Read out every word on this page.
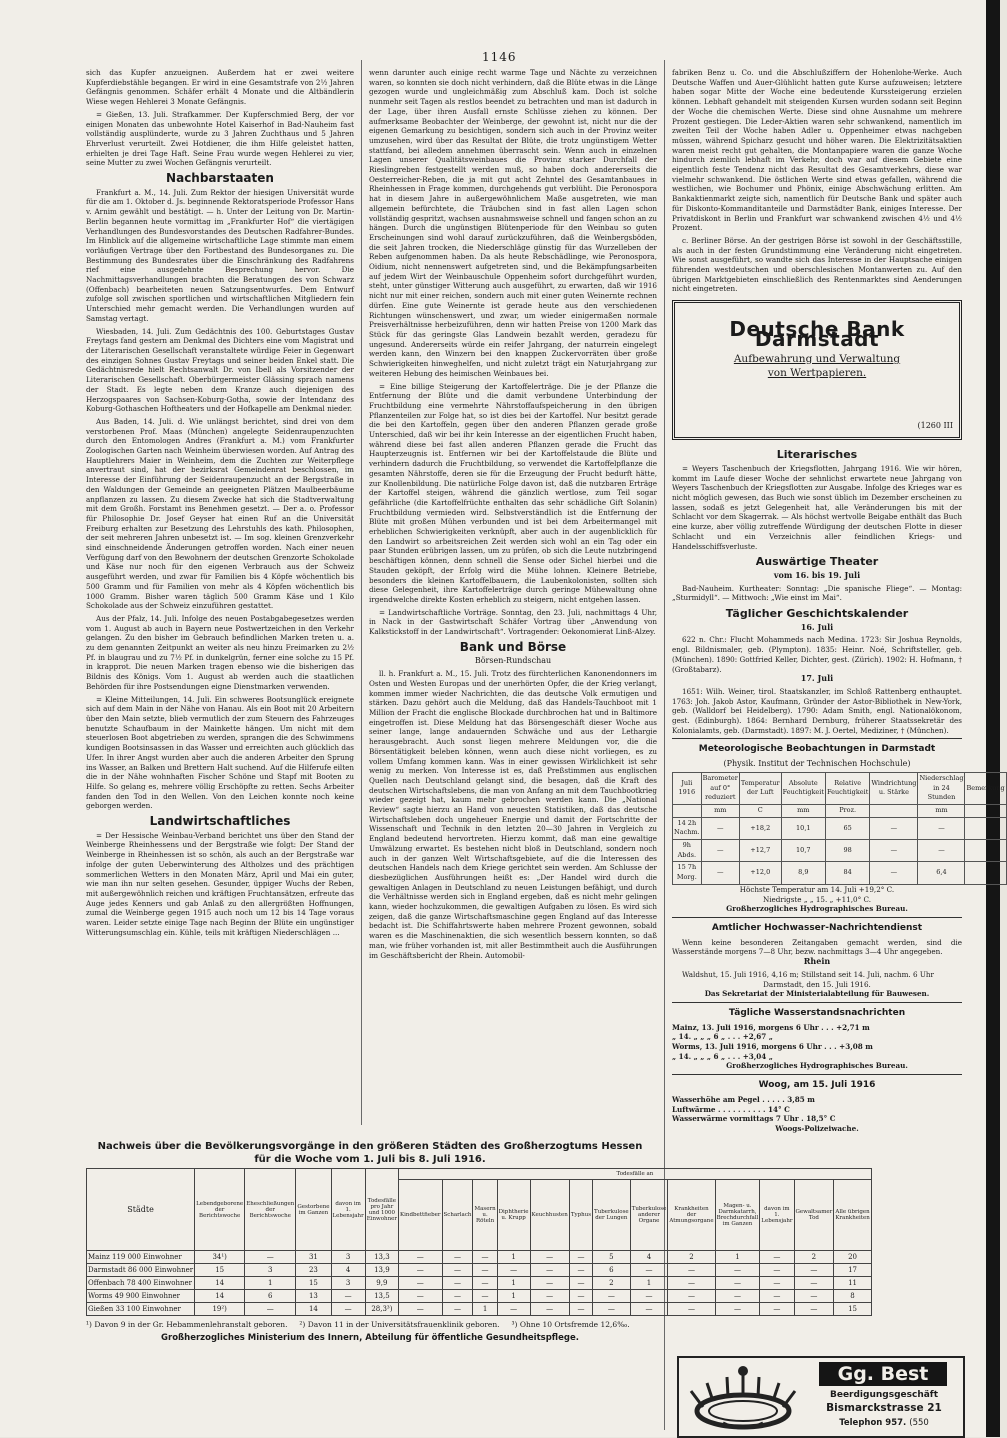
1146

sich das Kupfer anzueignen. Außerdem hat er zwei weitere Kupferdiebstähle begangen. Er wird in eine Gesamtstrafe von 2½ Jahren Gefängnis genommen. Schäfer erhält 4 Monate und die Altbändlerin Wiese wegen Hehlerei 3 Monate Gefängnis.

= Gießen, 13. Juli. Strafkammer. Der Kupferschmied Berg, der vor einigen Monaten das unbewohnte Hotel Kaiserhof in Bad-Nauheim fast vollständig ausplünderte, wurde zu 3 Jahren Zuchthaus und 5 Jahren Ehrverlust verurteilt. Zwei Hotdiener, die ihm Hilfe geleistet hatten, erhielten je drei Tage Haft. Seine Frau wurde wegen Hehlerei zu vier, seine Mutter zu zwei Wochen Gefängnis verurteilt.

Nachbarstaaten

Frankfurt a. M., 14. Juli. Zum Rektor der hiesigen Universität wurde für die am 1. Oktober d. Js. beginnende Rektoratsperiode Professor Hans v. Arnim gewählt und bestätigt. — h. Unter der Leitung von Dr. Martin-Berlin begannen heute vormittag im „Frankfurter Hof“ die viertägigen Verhandlungen des Bundesvorstandes des Deutschen Radfahrer-Bundes. Im Hinblick auf die allgemeine wirtschaftliche Lage stimmte man einem vorläufigen Vertrage über den Fortbestand des Bundesorganes zu. Die Bestimmung des Bundesrates über die Einschränkung des Radfahrens rief eine ausgedehnte Besprechung hervor. Die Nachmittagsverhandlungen brachten die Beratungen des von Schwarz (Offenbach) bearbeiteten neuen Satzungsentwurfes. Dem Entwurf zufolge soll zwischen sportlichen und wirtschaftlichen Mitgliedern fein Unterschied mehr gemacht werden. Die Verhandlungen wurden auf Samstag vertagt.

Wiesbaden, 14. Juli. Zum Gedächtnis des 100. Geburtstages Gustav Freytags fand gestern am Denkmal des Dichters eine vom Magistrat und der Literarischen Gesellschaft veranstaltete würdige Feier in Gegenwart des einzigen Sohnes Gustav Freytags und seiner beiden Enkel statt. Die Gedächtnisrede hielt Rechtsanwalt Dr. von Ibell als Vorsitzender der Literarischen Gesellschaft. Oberbürgermeister Glässing sprach namens der Stadt. Es legte neben dem Kranze auch diejenigen des Herzogspaares von Sachsen-Koburg-Gotha, sowie der Intendanz des Koburg-Gothaschen Hoftheaters und der Hofkapelle am Denkmal nieder.

Aus Baden, 14. Juli. d. Wie unlängst berichtet, sind drei von dem verstorbenen Prof. Maas (München) angelegte Seidenraupenzuchten durch den Entomologen Andres (Frankfurt a. M.) vom Frankfurter Zoologischen Garten nach Weinheim überwiesen worden. Auf Antrag des Hauptlehrers Maier in Weinheim, dem die Zuchten zur Weiterpflege anvertraut sind, hat der bezirksrat Gemeindenrat beschlossen, im Interesse der Einführung der Seidenraupenzucht an der Bergstraße in den Waldungen der Gemeinde an geeigneten Plätzen Maulbeerbäume anpflanzen zu lassen. Zu diesem Zwecke hat sich die Stadtverwaltung mit dem Großh. Forstamt ins Benehmen gesetzt. — Der a. o. Professor für Philosophie Dr. Josef Geyser hat einen Ruf an die Universität Freiburg erhalten zur Besetzung des Lehrstuhls des kath. Philosophen, der seit mehreren Jahren unbesetzt ist. — Im sog. kleinen Grenzverkehr sind einschneidende Änderungen getroffen worden. Nach einer neuen Verfügung darf von den Bewohnern der deutschen Grenzorte Schokolade und Käse nur noch für den eigenen Verbrauch aus der Schweiz ausgeführt werden, und zwar für Familien bis 4 Köpfe wöchentlich bis 500 Gramm und für Familien von mehr als 4 Köpfen wöchentlich bis 1000 Gramm. Bisher waren täglich 500 Gramm Käse und 1 Kilo Schokolade aus der Schweiz einzuführen gestattet.

Aus der Pfalz, 14. Juli. Infolge des neuen Postabgabegesetzes werden vom 1. August ab auch in Bayern neue Postwertzeichen in den Verkehr gelangen. Zu den bisher im Gebrauch befindlichen Marken treten u. a. zu dem genannten Zeitpunkt an weiter als neu hinzu Freimarken zu 2½ Pf. in blaugrau und zu 7½ Pf. in dunkelgrün, ferner eine solche zu 15 Pf. in krapprot. Die neuen Marken tragen ebenso wie die bisherigen das Bildnis des Königs. Vom 1. August ab werden auch die staatlichen Behörden für ihre Postsendungen eigne Dienstmarken verwenden.

= Kleine Mitteilungen, 14. Juli. Ein schweres Bootsunglück ereignete sich auf dem Main in der Nähe von Hanau. Als ein Boot mit 20 Arbeitern über den Main setzte, blieb vermutlich der zum Steuern des Fahrzeuges benutzte Schaufbaum in der Mainkette hängen. Um nicht mit dem steuerlosen Boot abgetrieben zu werden, sprangen die des Schwimmens kundigen Bootsinsassen in das Wasser und erreichten auch glücklich das Ufer. In ihrer Angst wurden aber auch die anderen Arbeiter den Sprung ins Wasser, an Balken und Brettern Halt suchend. Auf die Hilferufe eilten die in der Nähe wohnhaften Fischer Schöne und Stapf mit Booten zu Hilfe. So gelang es, mehrere völlig Erschöpfte zu retten. Sechs Arbeiter fanden den Tod in den Wellen. Von den Leichen konnte noch keine geborgen werden.

Landwirtschaftliches

= Der Hessische Weinbau-Verband berichtet uns über den Stand der Weinberge Rheinhessens und der Bergstraße wie folgt: Der Stand der Weinberge in Rheinhessen ist so schön, als auch an der Bergstraße war infolge der guten Ueberwinterung des Altholzes und des prächtigen sommerlichen Wetters in den Monaten März, April und Mai ein guter, wie man ihn nur selten gesehen. Gesunder, üppiger Wuchs der Reben, mit außergewöhnlich reichen und kräftigen Fruchtansätzen, erfreute das Auge jedes Kenners und gab Anlaß zu den allergrößten Hoffnungen, zumal die Weinberge gegen 1915 auch noch um 12 bis 14 Tage voraus waren. Leider setzte einige Tage nach Beginn der Blüte ein ungünstiger Witterungsumschlag ein. Kühle, teils mit kräftigen Niederschlägen ...

wenn darunter auch einige recht warme Tage und Nächte zu verzeichnen waren, so konnten sie doch nicht verhindern, daß die Blüte etwas in die Länge gezogen wurde und ungleichmäßig zum Abschluß kam. Doch ist solche nunmehr seit Tagen als restlos beendet zu betrachten und man ist dadurch in der Lage, über ihren Ausfall ernste Schlüsse ziehen zu können. Der aufmerksame Beobachter der Weinberge, der gewohnt ist, nicht nur die der eigenen Gemarkung zu besichtigen, sondern sich auch in der Provinz weiter umzusehen, wird über das Resultat der Blüte, die trotz ungünstigem Wetter stattfand, bei alledem annehmen überrascht sein. Wenn auch in einzelnen Lagen unserer Qualitätsweinbaues die Provinz starker Durchfall der Rieslingreben festgestellt werden muß, so haben doch andererseits die Oesterreicher-Reben, die ja mit gut acht Zehntel des Gesamtanbaues in Rheinhessen in Frage kommen, durchgehends gut verblüht. Die Peronospora hat in diesem Jahre in außergewöhnlichem Maße ausgetreten, wie man allgemein befürchtete, die Träubchen sind in fast allen Lagen schon vollständig gespritzt, wachsen ausnahmsweise schnell und fangen schon an zu hängen. Durch die ungünstigen Blütenperiode für den Weinbau so guten Erscheinungen sind wohl darauf zurückzuführen, daß die Weinbergsböden, die seit Jahren trocken, die Niederschläge günstig für das Wurzelleben der Reben aufgenommen haben. Da als heute Rebschädlinge, wie Peronospora, Oidium, nicht nennenswert aufgetreten sind, und die Bekämpfungsarbeiten auf jedem Wirt der Weinbauschule Oppenheim sofort durchgeführt wurden, steht, unter günstiger Witterung auch ausgeführt, zu erwarten, daß wir 1916 nicht nur mit einer reichen, sondern auch mit einer guten Weinernte rechnen dürfen. Eine gute Weinernte ist gerade heute aus den verschiedenen Richtungen wünschenswert, und zwar, um wieder einigermaßen normale Preisverhältnisse herbeizuführen, denn wir hatten Preise von 1200 Mark das Stück für das geringste Glas Landwein bezahlt werden, geradezu für ungesund. Andererseits würde ein reifer Jahrgang, der naturrein eingelegt werden kann, den Winzern bei den knappen Zuckervorräten über große Schwierigkeiten hinweghelfen, und nicht zuletzt trägt ein Naturjahrgang zur weiteren Hebung des heimischen Weinbaues bei.

= Eine billige Steigerung der Kartoffelerträge. Die je der Pflanze die Entfernung der Blüte und die damit verbundene Unterbindung der Fruchtbildung eine vermehrte Nährstoffaufspeicherung in den übrigen Pflanzenteilen zur Folge hat, so ist dies bei der Kartoffel. Nur besitzt gerade die bei den Kartoffeln, gegen über den anderen Pflanzen gerade große Unterschied, daß wir bei ihr kein Interesse an der eigentlichen Frucht haben, während diese bei fast allen anderen Pflanzen gerade die Frucht das Haupterzeugnis ist. Entfernen wir bei der Kartoffelstaude die Blüte und verhindern dadurch die Fruchtbildung, so verwendet die Kartoffelpflanze die gesamten Nährstoffe, deren sie für die Erzeugung der Frucht bedurft hätte, zur Knollenbildung. Die natürliche Folge davon ist, daß die nutzbaren Erträge der Kartoffel steigen, während die gänzlich wertlose, zum Teil sogar gefährliche (die Kartoffelfrüchte enthalten das sehr schädliche Gift Solanin) Fruchtbildung vermieden wird. Selbstverständlich ist die Entfernung der Blüte mit großen Mühen verbunden und ist bei dem Arbeitermangel mit erheblichen Schwierigkeiten verknüpft, aber auch in der augenblicklich für den Landwirt so arbeitsreichen Zeit werden sich wohl an ein Tag oder ein paar Stunden erübrigen lassen, um zu prüfen, ob sich die Leute nutzbringend beschäftigen können, denn schnell die Sense oder Sichel hierbei und die Stauden geköpft, der Erfolg wird die Mühe lohnen. Kleinere Betriebe, besonders die kleinen Kartoffelbauern, die Laubenkolonisten, sollten sich diese Gelegenheit, ihre Kartoffelerträge durch geringe Mühewaltung ohne irgendwelche direkte Kosten erheblich zu steigern, nicht entgehen lassen.

= Landwirtschaftliche Vorträge. Sonntag, den 23. Juli, nachmittags 4 Uhr, in Nack in der Gastwirtschaft Schäfer Vortrag über „Anwendung von Kalkstickstoff in der Landwirtschaft“. Vortragender: Oekonomierat Linß-Alzey.

Bank und Börse
Börsen-Rundschau

ll. h. Frankfurt a. M., 15. Juli. Trotz des fürchterlichen Kanonendonners im Osten und Westen Europas und der unerhörten Opfer, die der Krieg verlangt, kommen immer wieder Nachrichten, die das deutsche Volk ermutigen und stärken. Dazu gehört auch die Meldung, daß das Handels-Tauchboot mit 1 Million der Fracht die englische Blockade durchbrochen hat und in Baltimore eingetroffen ist. Diese Meldung hat das Börsengeschäft dieser Woche aus seiner lange, lange andauernden Schwäche und aus der Lethargie herausgebracht. Auch sonst liegen mehrere Meldungen vor, die die Börsentätigkeit beleben können, wenn auch diese nicht vorliegen, es zu vollem Umfang kommen kann. Was in einer gewissen Wirklichkeit ist sehr wenig zu merken. Von Interesse ist es, daß Preßstimmen aus englischen Quellen nach Deutschland gelangt sind, die besagen, daß die Kraft des deutschen Wirtschaftslebens, die man von Anfang an mit dem Tauchbootkrieg wieder gezeigt hat, kaum mehr gebrochen werden kann. Die „National Review“ sagte hierzu an Hand von neuesten Statistiken, daß das deutsche Wirtschaftsleben doch ungeheuer Energie und damit der Fortschritte der Wissenschaft und Technik in den letzten 20—30 Jahren in Vergleich zu England bedeutend hervortreten. Hierzu kommt, daß man eine gewaltige Umwälzung erwartet. Es bestehen nicht bloß in Deutschland, sondern noch auch in der ganzen Welt Wirtschaftsgebiete, auf die die Interessen des deutschen Handels nach dem Kriege gerichtet sein werden. Am Schlusse der diesbezüglichen Ausführungen heißt es: „Der Handel wird durch die gewaltigen Anlagen in Deutschland zu neuen Leistungen befähigt, und durch die Verhältnisse werden sich in England ergeben, daß es nicht mehr gelingen kann, wieder hochzukommen, die gewaltigen Aufgaben zu lösen. Es wird sich zeigen, daß die ganze Wirtschaftsmaschine gegen England auf das Interesse bedacht ist. Die Schiffahrtswerte haben mehrere Prozent gewonnen, sobald waren es die Maschinenaktien, die sich wesentlich bessern konnten, so daß man, wie früher vorhanden ist, mit aller Bestimmtheit auch die Ausführungen im Geschäftsbericht der Rhein. Automobil-

fabriken Benz u. Co. und die Abschlußziffern der Hohenlohe-Werke. Auch Deutsche Waffen und Auer-Glühlicht hatten gute Kurse aufzuweisen; letztere haben sogar Mitte der Woche eine bedeutende Kurssteigerung erzielen können. Lebhaft gehandelt mit steigenden Kursen wurden sodann seit Beginn der Woche die chemischen Werte. Diese sind ohne Ausnahme um mehrere Prozent gestiegen. Die Leder-Aktien waren sehr schwankend, namentlich im zweiten Teil der Woche haben Adler u. Oppenheimer etwas nachgeben müssen, während Spicharz gesucht und höher waren. Die Elektrizitätsaktien waren meist recht gut gehalten, die Montanpapiere waren die ganze Woche hindurch ziemlich lebhaft im Verkehr, doch war auf diesem Gebiete eine eigentlich feste Tendenz nicht das Resultat des Gesamtverkehrs, diese war vielmehr schwankend. Die östlichen Werte sind etwas gefallen, während die westlichen, wie Bochumer und Phönix, einige Abschwächung erlitten. Am Bankaktienmarkt zeigte sich, namentlich für Deutsche Bank und später auch für Diskonto-Kommanditanteile und Darmstädter Bank, einiges Interesse. Der Privatdiskont in Berlin und Frankfurt war schwankend zwischen 4½ und 4½ Prozent.

c. Berliner Börse. An der gestrigen Börse ist sowohl in der Geschäftsstille, als auch in der festen Grundstimmung eine Veränderung nicht eingetreten. Wie sonst ausgeführt, so wandte sich das Interesse in der Hauptsache einigen führenden westdeutschen und oberschlesischen Montanwerten zu. Auf den übrigen Marktgebieten einschließlich des Rentenmarktes sind Aenderungen nicht eingetreten.

Deutsche Bank Darmstadt
Aufbewahrung und Verwaltung
von Wertpapieren.
(1260 III
Literarisches

= Weyers Taschenbuch der Kriegsflotten, Jahrgang 1916. Wie wir hören, kommt im Laufe dieser Woche der sehnlichst erwartete neue Jahrgang von Weyers Taschenbuch der Kriegsflotten zur Ausgabe. Infolge des Krieges war es nicht möglich gewesen, das Buch wie sonst üblich im Dezember erscheinen zu lassen, sodaß es jetzt Gelegenheit hat, alle Veränderungen bis mit der Schlacht vor dem Skagerrak. — Als höchst wertvolle Beigabe enthält das Buch eine kurze, aber völlig zutreffende Würdigung der deutschen Flotte in dieser Schlacht und ein Verzeichnis aller feindlichen Kriegs- und Handelsschiffsverluste.

Auswärtige Theater
vom 16. bis 19. Juli

Bad-Nauheim. Kurtheater: Sonntag: „Die spanische Fliege“. — Montag: „Sturmidyll“. — Mittwoch: „Wie einst im Mai“.

Täglicher Geschichtskalender
16. Juli

622 n. Chr.: Flucht Mohammeds nach Medina. 1723: Sir Joshua Reynolds, engl. Bildnismaler, geb. (Plympton). 1835: Heinr. Noé, Schriftsteller, geb. (München). 1890: Gottfried Keller, Dichter, gest. (Zürich). 1902: H. Hofmann, † (Großtabarz).

17. Juli

1651: Wilh. Weiner, tirol. Staatskanzler, im Schloß Rattenberg enthauptet. 1763: Joh. Jakob Astor, Kaufmann, Gründer der Astor-Bibliothek in New-York, geb. (Walldorf bei Heidelberg). 1790: Adam Smith, engl. Nationalökonom, gest. (Edinburgh). 1864: Bernhard Dernburg, früherer Staatssekretär des Kolonialamts, geb. (Darmstadt). 1897: M. J. Oertel, Mediziner, † (München).

Meteorologische Beobachtungen in Darmstadt
(Physik. Institut der Technischen Hochschule)
Juli 1916	Barometer auf 0° reduziert	Temperatur der Luft	Absolute Feuchtigkeit	Relative Feuchtigkeit	Windrichtung u. Stärke	Niederschlag in 24 Stunden	Bemerkung
	mm	C	mm	Proz.		mm	
14 2h Nachm.	—	+18,2	10,1	65	—	—	
9h Abds.	—	+12,7	10,7	98	—	—	
15 7h Morg.	—	+12,0	8,9	84	—	6,4	

Höchste Temperatur am 14. Juli +19,2° C.

Niedrigste „ „ 15. „ +11,0° C.

Großherzogliches Hydrographisches Bureau.

Amtlicher Hochwasser-Nachrichtendienst

Wenn keine besonderen Zeitangaben gemacht werden, sind die Wasserstände morgens 7—8 Uhr, bezw. nachmittags 3—4 Uhr angegeben.

Rhein

Waldshut, 15. Juli 1916, 4,16 m; Stillstand seit 14. Juli, nachm. 6 Uhr

Darmstadt, den 15. Juli 1916.

Das Sekretariat der Ministerialabteilung für Bauwesen.

Tägliche Wasserstandsnachrichten

Mainz, 13. Juli 1916, morgens 6 Uhr . . . +2,71 m

„ 14. „ „ „ 6 „ . . . +2,67 „

Worms, 13. Juli 1916, morgens 6 Uhr . . . +3,08 m

„ 14. „ „ „ 6 „ . . . +3,04 „

Großherzogliches Hydrographisches Bureau.

Woog, am 15. Juli 1916

Wasserhöhe am Pegel . . . . . 3,85 m

Luftwärme . . . . . . . . . . 14° C

Wasserwärme vormittags 7 Uhr . 18,5° C

Woogs-Polizeiwache.

Nachweis über die Bevölkerungsvorgänge in den größeren Städten des Großherzogtums Hessen
für die Woche vom 1. Juli bis 8. Juli 1916.
Städte	Lebendgeborene der Berichtswoche	Eheschließungen der Berichtswoche	Gestorbene im Ganzen	davon im 1. Lebensjahr	Todesfälle pro Jahr und 1000 Einwohner	Todesfälle an												
						Kindbettfieber	Scharlach	Masern u. Röteln	Diphtherie u. Krupp	Keuchhusten	Typhus	Tuberkulose der Lungen	Tuberkulose anderer Organe	Krankheiten der Atmungsorgane	Magen- u. Darmkatarrh, Brechdurchfall im Ganzen	davon im 1. Lebensjahr	Gewaltsamer Tod	Alle übrigen Krankheiten
Mainz 119 000 Einwohner	34¹)	—	31	3	13,3	—	—	—	1	—	—	5	4	2	1	—	2	20
Darmstadt 86 000 Einwohner	15	3	23	4	13,9	—	—	—	—	—	—	6	—	—	—	—	—	17
Offenbach 78 400 Einwohner	14	1	15	3	9,9	—	—	—	1	—	—	2	1	—	—	—	—	11
Worms 49 900 Einwohner	14	6	13	—	13,5	—	—	—	1	—	—	—	—	—	—	—	—	8
Gießen 33 100 Einwohner	19²)	—	14	—	28,3³)	—	—	1	—	—	—	—	—	—	—	—	—	15
¹) Davon 9 in der Gr. Hebammenlehranstalt geboren. ²) Davon 11 in der Universitätsfrauenklinik geboren. ³) Ohne 10 Ortsfremde 12,6‰.
Großherzogliches Ministerium des Innern, Abteilung für öffentliche Gesundheitspflege.
Gg. Best
Beerdigungsgeschäft
Bismarckstrasse 21
Telephon 957. (550
